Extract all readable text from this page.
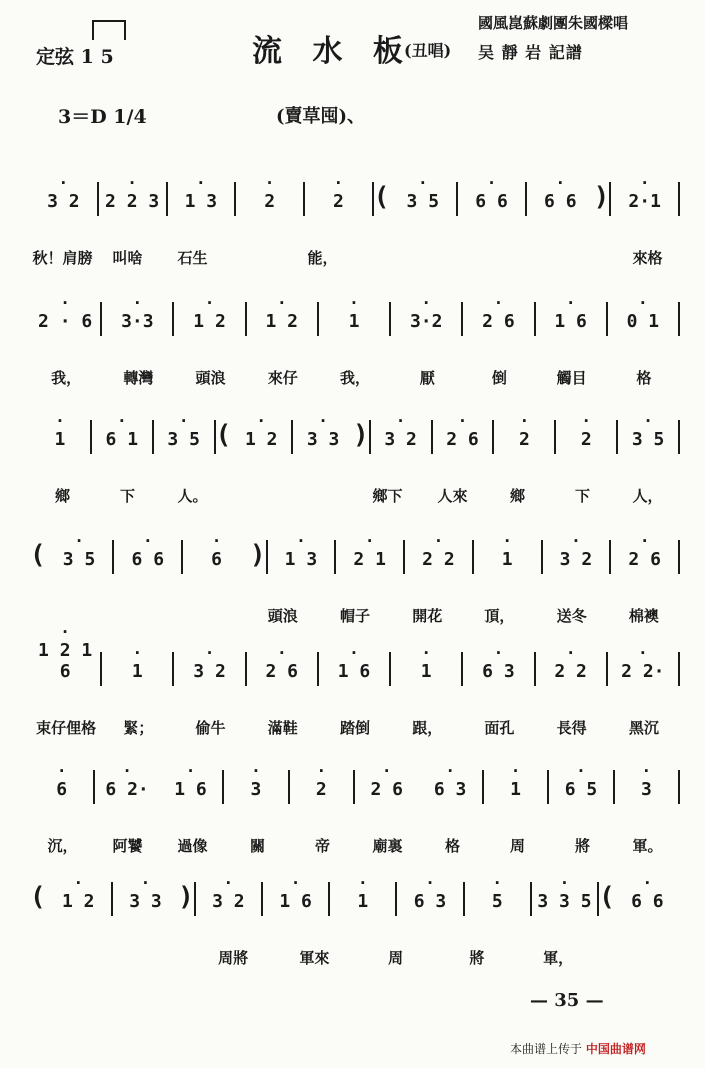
定弦 1 5	流 水 板
(丑唱)
國風崑蘇劇團朱國樑唱
吴 靜 岩 記譜
3＝D 1/4	(賣草囤)、
· 3 2	· 2 2 3	· 1 3	· 2	· 2	( · 3 5	· 6 6	· 6 6 )	· 2·1
秋！肩膀	叫啥	石生	能，	來格
· 2 · 6	· 3·3	· 1 2	· 1 2	· 1	· 3·2	· 2 6	· 1 6	· 0 1
我，	轉灣	頭浪	來仔	我，	厭	倒	觸目	格
· 1	· 6 1	· 3 5 ( · 1 2	· 3 3 ) · 3 2	· 2 6	· 2	· 2	· 3 5
鄉	下	人。	鄉下	人來	鄉	下	人，
( · 3 5	· 6 6	· 6	)	· 1 3	· 2 1	· 2 2	· 1	· 3 2	· 2 6
頭浪	帽子	開花	頂，	送冬	棉襖
· 1 2 1 6	· 1	· 3 2	· 2 6	· 1 6	· 1	· 6 3	· 2 2	· 2 2·
束仔俚格	緊；	偷牛	滿鞋	踏倒	跟，	面孔	長得	黑沉
· 6	· 6 2·	· 1 6	· 3	· 2	· 2 6	· 6 3	· 1	· 6 5	· 3
沉，	阿饕	過像	關	帝	廟裏	格	周	將	軍。
( · 1 2	· 3 3 )	· 3 2	· 1 6	· 1	· 6 3	· 5	· 3 3 5 ( · 6 6
周將	軍來	周	將	軍，
— 35 —
本曲谱上传于 中国曲谱网
